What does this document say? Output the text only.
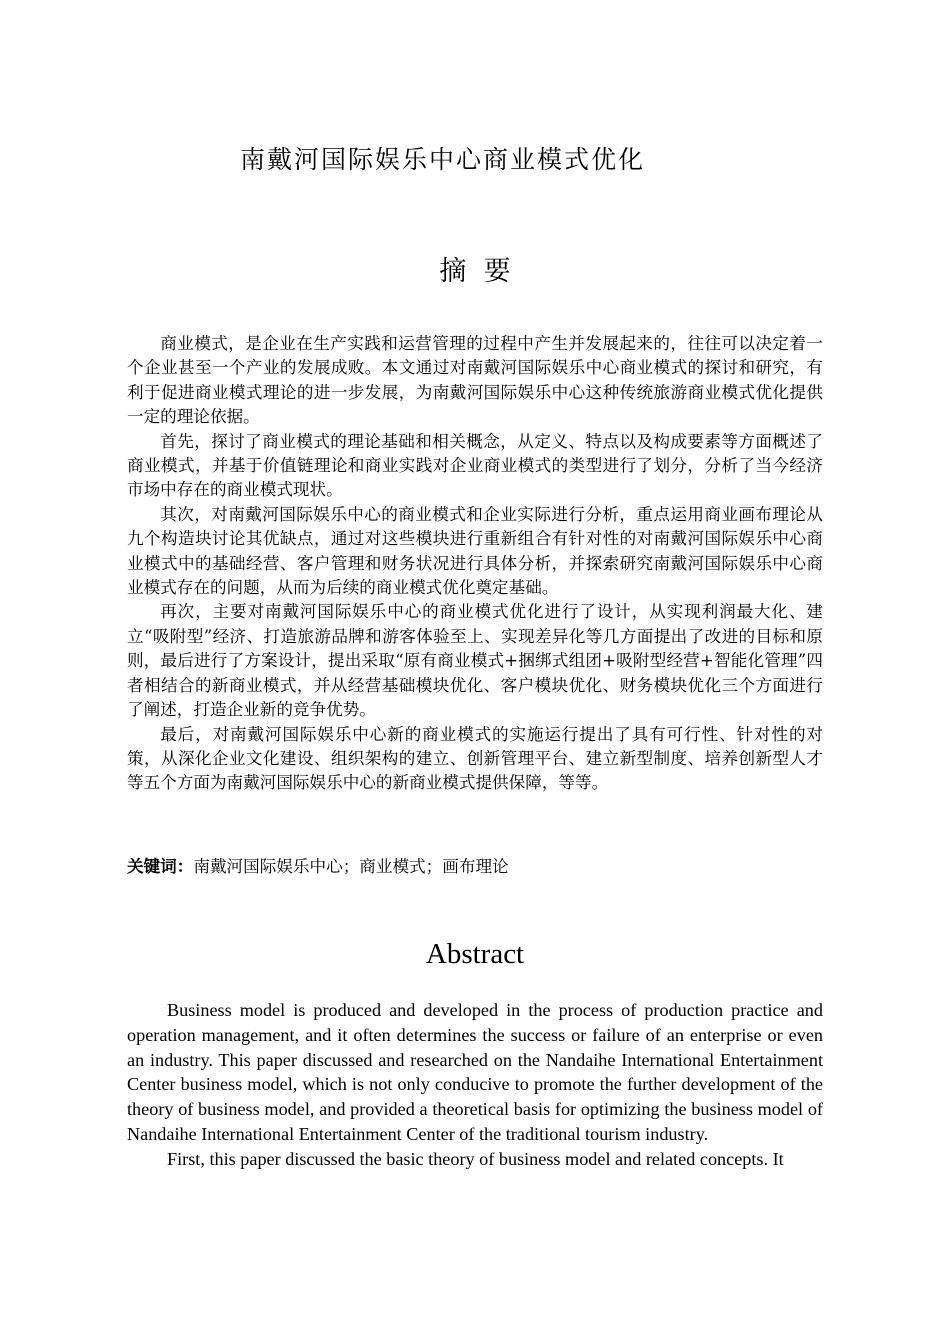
南戴河国际娱乐中心商业模式优化
摘  要

商业模式，是企业在生产实践和运营管理的过程中产生并发展起来的，往往可以决定着一个企业甚至一个产业的发展成败。本文通过对南戴河国际娱乐中心商业模式的探讨和研究，有利于促进商业模式理论的进一步发展，为南戴河国际娱乐中心这种传统旅游商业模式优化提供一定的理论依据。

首先，探讨了商业模式的理论基础和相关概念，从定义、特点以及构成要素等方面概述了商业模式，并基于价值链理论和商业实践对企业商业模式的类型进行了划分，分析了当今经济市场中存在的商业模式现状。

其次，对南戴河国际娱乐中心的商业模式和企业实际进行分析，重点运用商业画布理论从九个构造块讨论其优缺点，通过对这些模块进行重新组合有针对性的对南戴河国际娱乐中心商业模式中的基础经营、客户管理和财务状况进行具体分析，并探索研究南戴河国际娱乐中心商业模式存在的问题，从而为后续的商业模式优化奠定基础。

再次，主要对南戴河国际娱乐中心的商业模式优化进行了设计，从实现利润最大化、建立“吸附型”经济、打造旅游品牌和游客体验至上、实现差异化等几方面提出了改进的目标和原则，最后进行了方案设计，提出采取“原有商业模式+捆绑式组团+吸附型经营+智能化管理”四者相结合的新商业模式，并从经营基础模块优化、客户模块优化、财务模块优化三个方面进行了阐述，打造企业新的竞争优势。

最后，对南戴河国际娱乐中心新的商业模式的实施运行提出了具有可行性、针对性的对策，从深化企业文化建设、组织架构的建立、创新管理平台、建立新型制度、培养创新型人才等五个方面为南戴河国际娱乐中心的新商业模式提供保障，等等。

关键词：南戴河国际娱乐中心；商业模式；画布理论
Abstract

Business model is produced and developed in the process of production practice and operation management, and it often determines the success or failure of an enterprise or even an industry. This paper discussed and researched on the Nandaihe International Entertainment Center business model, which is not only conducive to promote the further development of the theory of business model, and provided a theoretical basis for optimizing the business model of Nandaihe International Entertainment Center of the traditional tourism industry.

First, this paper discussed the basic theory of business model and related concepts. It
